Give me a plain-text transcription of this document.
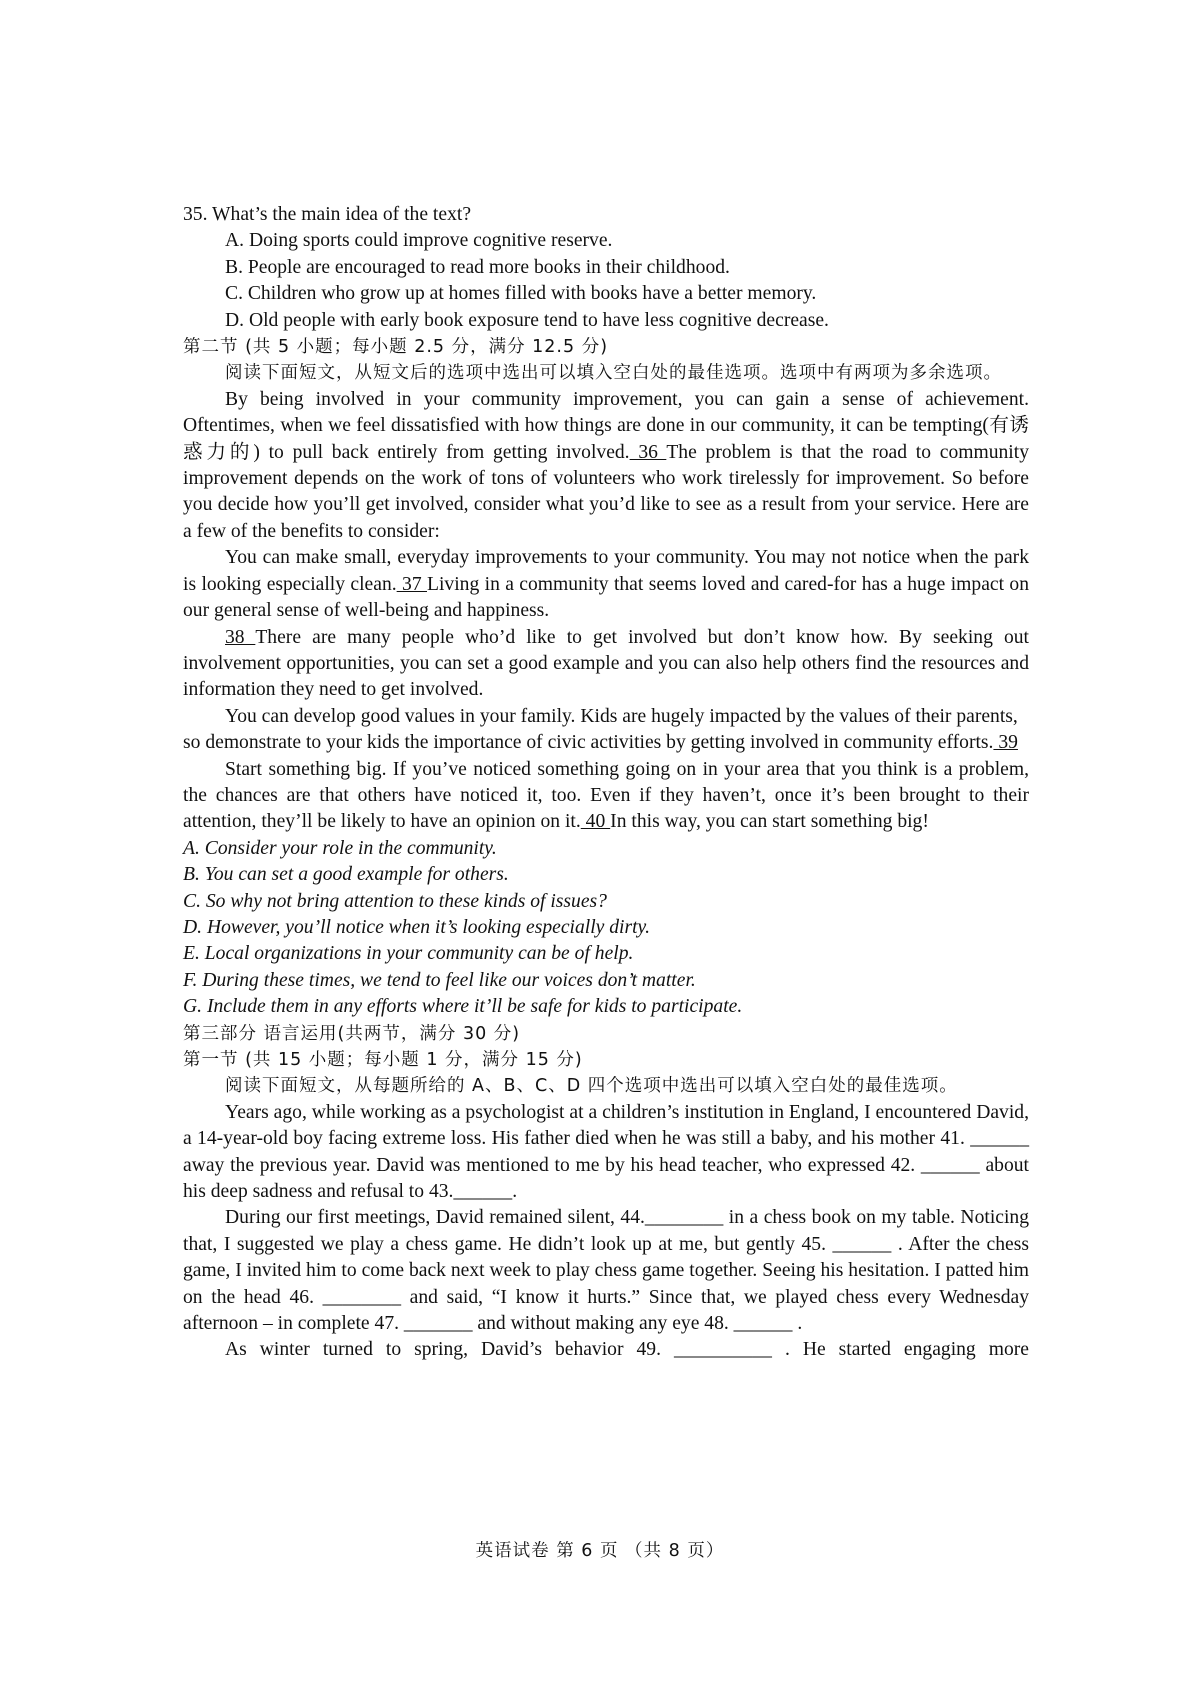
35. What’s the main idea of the text?
A. Doing sports could improve cognitive reserve.
B. People are encouraged to read more books in their childhood.
C. Children who grow up at homes filled with books have a better memory.
D. Old people with early book exposure tend to have less cognitive decrease.
第二节 (共 5 小题；每小题 2.5 分，满分 12.5 分)
阅读下面短文，从短文后的选项中选出可以填入空白处的最佳选项。选项中有两项为多余选项。
By being involved in your community improvement, you can gain a sense of achievement. Oftentimes, when we feel dissatisfied with how things are done in our community, it can be tempting(有诱惑力的) to pull back entirely from getting involved. 36 The problem is that the road to community improvement depends on the work of tons of volunteers who work tirelessly for improvement. So before you decide how you’ll get involved, consider what you’d like to see as a result from your service. Here are a few of the benefits to consider:
You can make small, everyday improvements to your community. You may not notice when the park is looking especially clean. 37 Living in a community that seems loved and cared-for has a huge impact on our general sense of well-being and happiness.
38 There are many people who’d like to get involved but don’t know how. By seeking out involvement opportunities, you can set a good example and you can also help others find the resources and information they need to get involved.
You can develop good values in your family. Kids are hugely impacted by the values of their parents, so demonstrate to your kids the importance of civic activities by getting involved in community efforts. 39
Start something big. If you’ve noticed something going on in your area that you think is a problem, the chances are that others have noticed it, too. Even if they haven’t, once it’s been brought to their attention, they’ll be likely to have an opinion on it. 40 In this way, you can start something big!
A. Consider your role in the community.
B. You can set a good example for others.
C. So why not bring attention to these kinds of issues?
D. However, you’ll notice when it’s looking especially dirty.
E. Local organizations in your community can be of help.
F. During these times, we tend to feel like our voices don’t matter.
G. Include them in any efforts where it’ll be safe for kids to participate.
第三部分 语言运用(共两节，满分 30 分)
第一节 (共 15 小题；每小题 1 分，满分 15 分)
阅读下面短文，从每题所给的 A、B、C、D 四个选项中选出可以填入空白处的最佳选项。
Years ago, while working as a psychologist at a children’s institution in England, I encountered David, a 14-year-old boy facing extreme loss. His father died when he was still a baby, and his mother 41. ______ away the previous year. David was mentioned to me by his head teacher, who expressed 42. ______ about his deep sadness and refusal to 43.______.
During our first meetings, David remained silent, 44.________ in a chess book on my table. Noticing that, I suggested we play a chess game. He didn’t look up at me, but gently 45. ______ . After the chess game, I invited him to come back next week to play chess game together. Seeing his hesitation. I patted him on the head 46. ________ and said, “I know it hurts.” Since that, we played chess every Wednesday afternoon – in complete 47. _______ and without making any eye 48. ______ .
As winter turned to spring, David’s behavior 49. __________ . He started engaging more
英语试卷 第 6 页 （共 8 页）
